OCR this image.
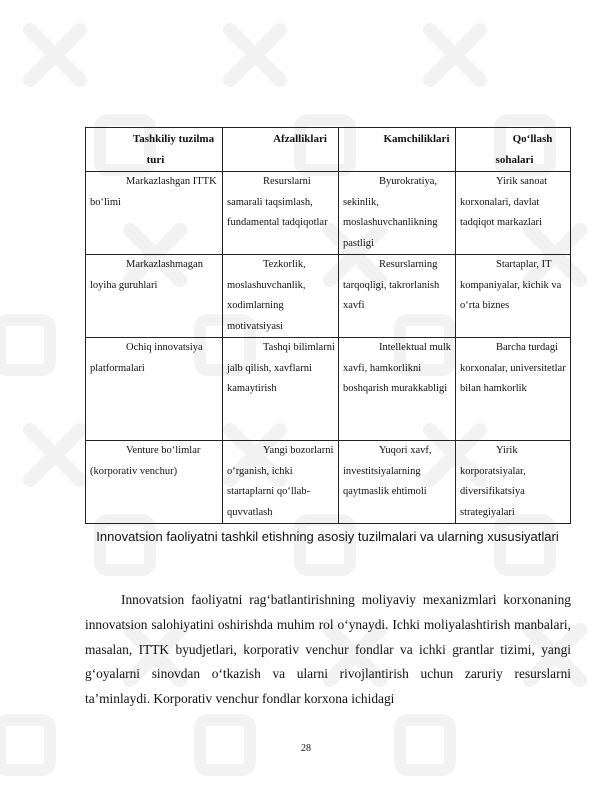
Tashkiliy tuzilma turi	Afzalliklari	Kamchiliklari	Qo‘llash sohalari

Markazlashgan ITTK bo‘limi	Resurslarni samarali taqsimlash, fundamental tadqiqotlar	Byurokratiya, sekinlik, moslashuvchanlikning pastligi	Yirik sanoat korxonalari, davlat tadqiqot markazlari

Markazlashmagan loyiha guruhlari	Tezkorlik, moslashuvchanlik, xodimlarning motivatsiyasi	Resurslarning tarqoqligi, takrorlanish xavfi	Startaplar, IT kompaniyalar, kichik va o‘rta biznes

Ochiq innovatsiya platformalari	Tashqi bilimlarni jalb qilish, xavflarni kamaytirish	Intellektual mulk xavfi, hamkorlikni boshqarish murakkabligi	Barcha turdagi korxonalar, universitetlar bilan hamkorlik

Venture bo‘limlar (korporativ venchur)	Yangi bozorlarni o‘rganish, ichki startaplarni qo‘llab-quvvatlash	Yuqori xavf, investitsiyalarning qaytmaslik ehtimoli	Yirik korporatsiyalar, diversifikatsiya strategiyalari
Innovatsion faoliyatni tashkil etishning asosiy tuzilmalari va ularning xususiyatlari

Innovatsion faoliyatni rag‘batlantirishning moliyaviy mexanizmlari korxonaning innovatsion salohiyatini oshirishda muhim rol o‘ynaydi. Ichki moliyalashtirish manbalari, masalan, ITTK byudjetlari, korporativ venchur fondlar va ichki grantlar tizimi, yangi g‘oyalarni sinovdan o‘tkazish va ularni rivojlantirish uchun zaruriy resurslarni ta’minlaydi. Korporativ venchur fondlar korxona ichidagi

28
